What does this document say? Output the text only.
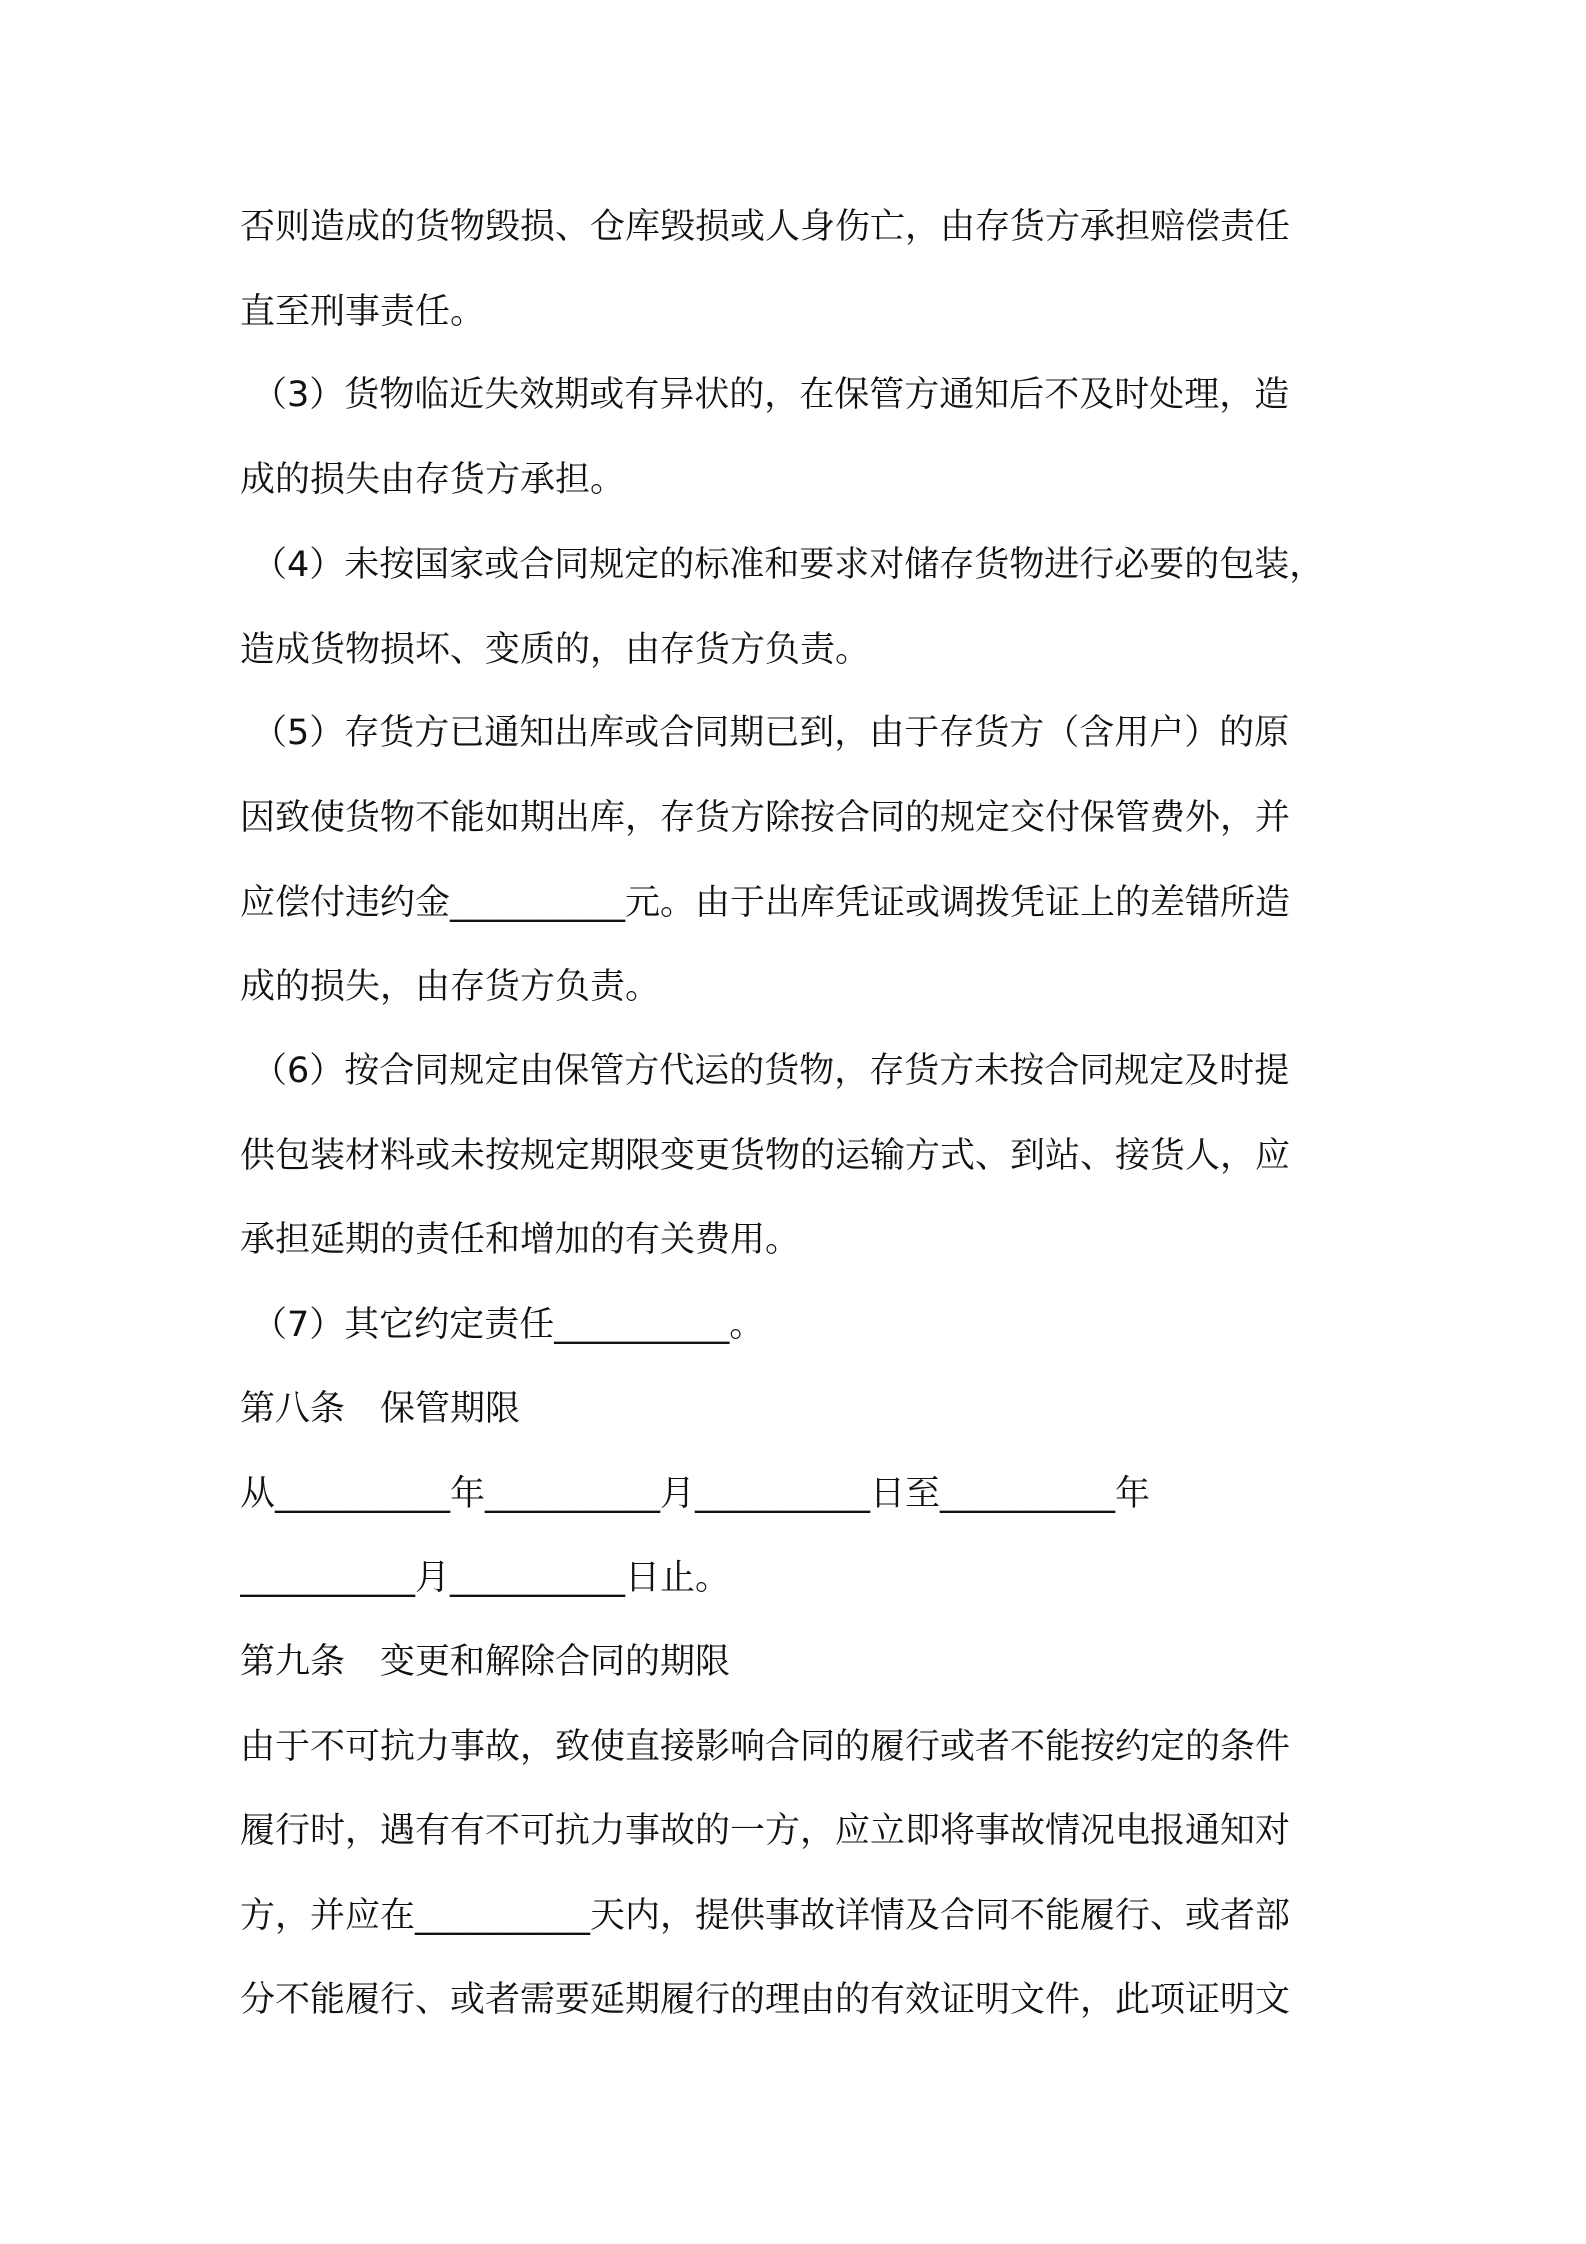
否则造成的货物毁损、仓库毁损或人身伤亡，由存货方承担赔偿责任
直至刑事责任。
（3）货物临近失效期或有异状的，在保管方通知后不及时处理，造
成的损失由存货方承担。
（4）未按国家或合同规定的标准和要求对储存货物进行必要的包装，
造成货物损坏、变质的，由存货方负责。
（5）存货方已通知出库或合同期已到，由于存货方（含用户）的原
因致使货物不能如期出库，存货方除按合同的规定交付保管费外，并
应偿付违约金__________元。由于出库凭证或调拨凭证上的差错所造
成的损失，由存货方负责。
（6）按合同规定由保管方代运的货物，存货方未按合同规定及时提
供包装材料或未按规定期限变更货物的运输方式、到站、接货人，应
承担延期的责任和增加的有关费用。
（7）其它约定责任__________。
第八条　保管期限
从__________年__________月__________日至__________年
__________月__________日止。
第九条　变更和解除合同的期限
由于不可抗力事故，致使直接影响合同的履行或者不能按约定的条件
履行时，遇有有不可抗力事故的一方，应立即将事故情况电报通知对
方，并应在__________天内，提供事故详情及合同不能履行、或者部
分不能履行、或者需要延期履行的理由的有效证明文件，此项证明文
